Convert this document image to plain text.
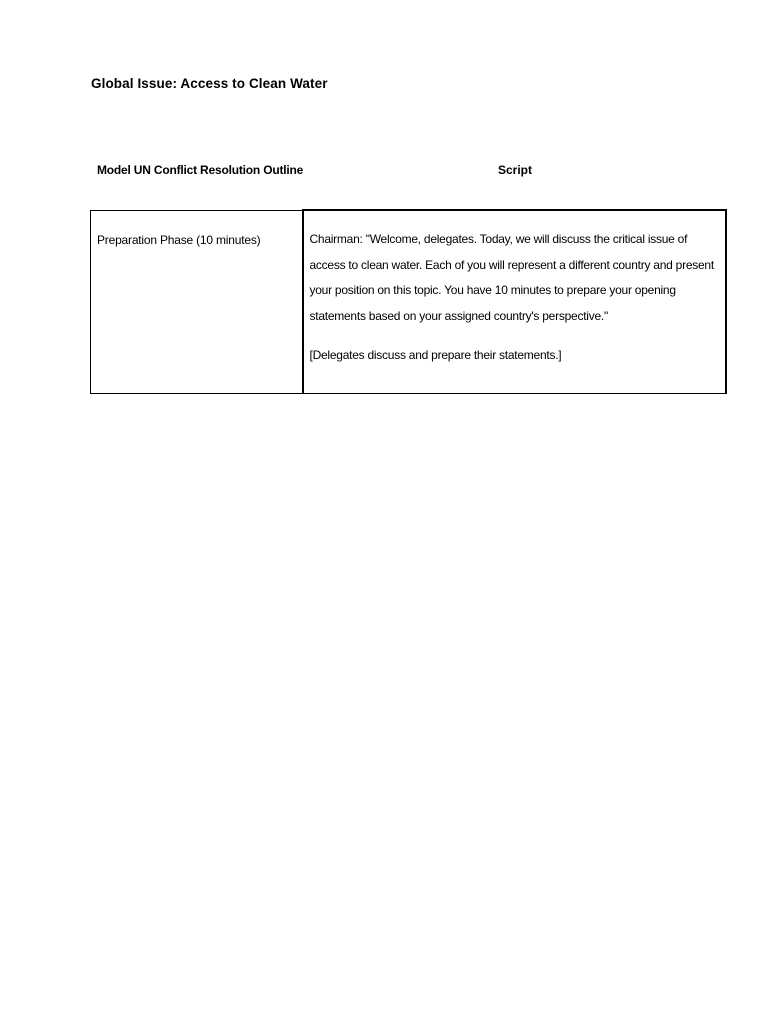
Global Issue: Access to Clean Water
Model UN Conflict Resolution Outline	Script
Preparation Phase (10 minutes)	Chairman: "Welcome, delegates. Today, we will discuss the critical issue of access to clean water. Each of you will represent a different country and present your position on this topic. You have 10 minutes to prepare your opening statements based on your assigned country's perspective."

[Delegates discuss and prepare their statements.]
